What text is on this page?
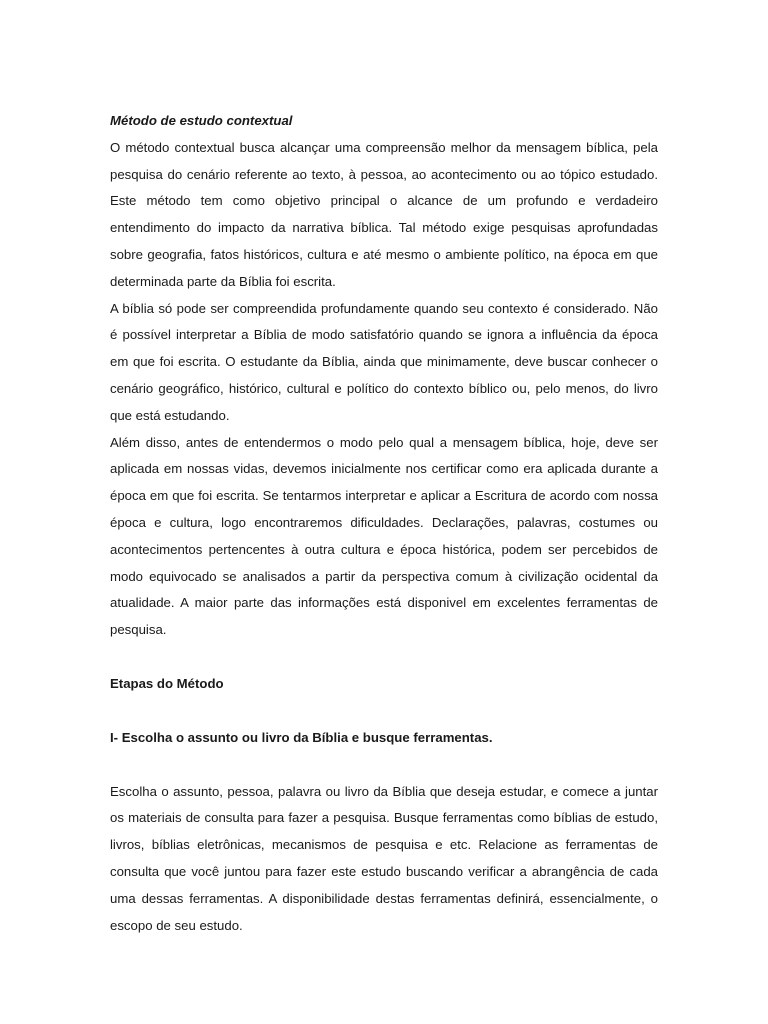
Método de estudo contextual

O método contextual busca alcançar uma compreensão melhor da mensagem bíblica, pela pesquisa do cenário referente ao texto, à pessoa, ao acontecimento ou ao tópico estudado. Este método tem como objetivo principal o alcance de um profundo e verdadeiro entendimento do impacto da narrativa bíblica. Tal método exige pesquisas aprofundadas sobre geografia, fatos históricos, cultura e até mesmo o ambiente político, na época em que determinada parte da Bíblia foi escrita.

A bíblia só pode ser compreendida profundamente quando seu contexto é considerado. Não é possível interpretar a Bíblia de modo satisfatório quando se ignora a influência da época em que foi escrita. O estudante da Bíblia, ainda que minimamente, deve buscar conhecer o cenário geográfico, histórico, cultural e político do contexto bíblico ou, pelo menos, do livro que está estudando.

Além disso, antes de entendermos o modo pelo qual a mensagem bíblica, hoje, deve ser aplicada em nossas vidas, devemos inicialmente nos certificar como era aplicada durante a época em que foi escrita. Se tentarmos interpretar e aplicar a Escritura de acordo com nossa época e cultura, logo encontraremos dificuldades. Declarações, palavras, costumes ou acontecimentos pertencentes à outra cultura e época histórica, podem ser percebidos de modo equivocado se analisados a partir da perspectiva comum à civilização ocidental da atualidade. A maior parte das informações está disponivel em excelentes ferramentas de pesquisa.

Etapas do Método

I- Escolha o assunto ou livro da Bíblia e busque ferramentas.

Escolha o assunto, pessoa, palavra ou livro da Bíblia que deseja estudar, e comece a juntar os materiais de consulta para fazer a pesquisa. Busque ferramentas como bíblias de estudo, livros, bíblias eletrônicas, mecanismos de pesquisa e etc. Relacione as ferramentas de consulta que você juntou para fazer este estudo buscando verificar a abrangência de cada uma dessas ferramentas. A disponibilidade destas ferramentas definirá, essencialmente, o escopo de seu estudo.
